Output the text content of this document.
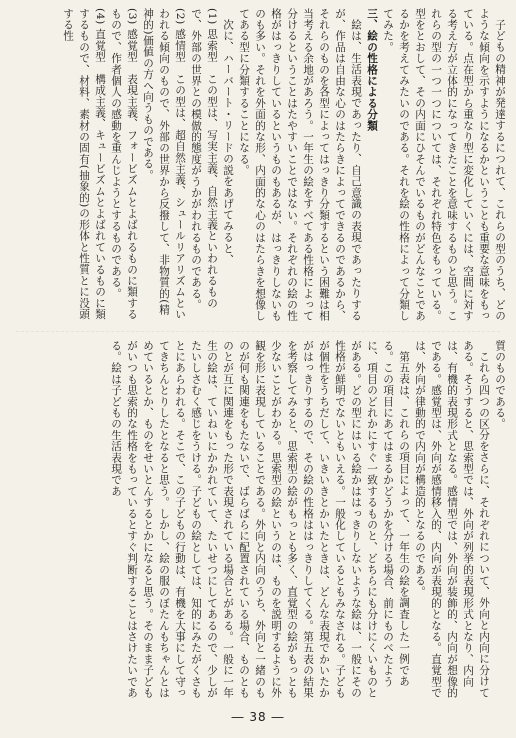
子どもの精神が発達するにつれて、これらの型のうち、どのような傾向を示すようになるかということも重要な意味をもっている。点在型から重なり型に変化していくには、空間に対する考え方が立体的になってきたことを意味するものと思う。これらの型の一つ一つについては、それぞれ特色をもっている。型をとおして、その内面にひそんでいるものがどんなことであるかを考えてみたいのである。それを絵の性格によって分類してみた。

三、絵の性格による分類

絵は、生活表現であったり、自己意識の表現であったりするが、作品は自由な心のはたらきによってできるのであるから、それらのものを各型によってはっきり分類するという困難は相当考える余地があろう。一年生の絵をすべてある性格によって分けるということはたやすいことではない。それぞれの絵の性格がはっきりしているというものもあるが、はっきりしないものも多い。それを外面的な形、内面的な心のはたらきを想像してある型に分類することになる。

次に、ハーバート・リードの説をあげてみると、

(1) 思索型　この型は、写実主義、自然主義といわれるもので、外部の世界との模倣的態度がうかがわれるものである。

(2) 感情型　この型は、超自然主義、シュールリアリズムといわれる傾向のもので、外部の世界から反撥して、非物質的(精神的)価値の方へ向うものである。

(3) 感覚型　表現主義、フォービズムとよばれるものに類するもので、作者個人の感動を重んじようとするものである。

(4) 直覚型　構成主義、キュービズムとよばれているものに類するもので、材料、素材の固有(抽象的)の形体と性質とに没頭する性

質のものである。

これら四つの区分をさらに、それぞれについて、外向と内向に分けてある。そうすると、思索型では、外向が列挙的表現形式となり、内向は、有機的表現形式となる。感情型では、外向が装飾的、内向が想像的である。感覚型は、外向が感情移入的、内向が表現的となる。直覚型では、外向が律動的で内向が構造的となるのである。

第五表は、これらの項目によって、一年生の絵を調査した一例である。この項目にあてはまるかどうかを分ける場合、前にものべたように、項目のどれかにすぐ一致するものと、どちらにも分けにくいものとがある。どの型にはいる絵かははっきりしないような絵は、一般にその性格が鮮明でないともいえる。一般化しているともみなされる。子どもが個性をうちだして、いきいきとかいたときは、どんな表現でかいたかがはっきりするので、その絵の性格ははっきりしてくる。第五表の結果を考察してみると、思索型の絵がもっとも多く、直覚型の絵がもっとも少ないことがわかる。思索型の絵というのは、ものを説明するように外観を形に表現していることである。外向と内向のうち、外向と一緒のものが何も関連をもたないで、ばらばらに配置されている場合、ものとものとが互に関連をもった形で表現されている場合とがある。一般に一年生の絵は、ていねいにかかれていて、たいせつにしてあるので、少しがたいしさむく感じをうける。子どもの絵としては、知的にみたがくさもとにあらわれる。そこで、この子どもの行動は、有機を大事にして守ってきちんとりしたとなると思う。しかし、絵の服のぼたんもちゃんとはめているとか、ものをせいとんするとかになると思う。そのまま子どもがいつも思索的な性格をもっているとすぐ判断することはさけたいである。絵は子どもの生活表現であ

― 38 ―
